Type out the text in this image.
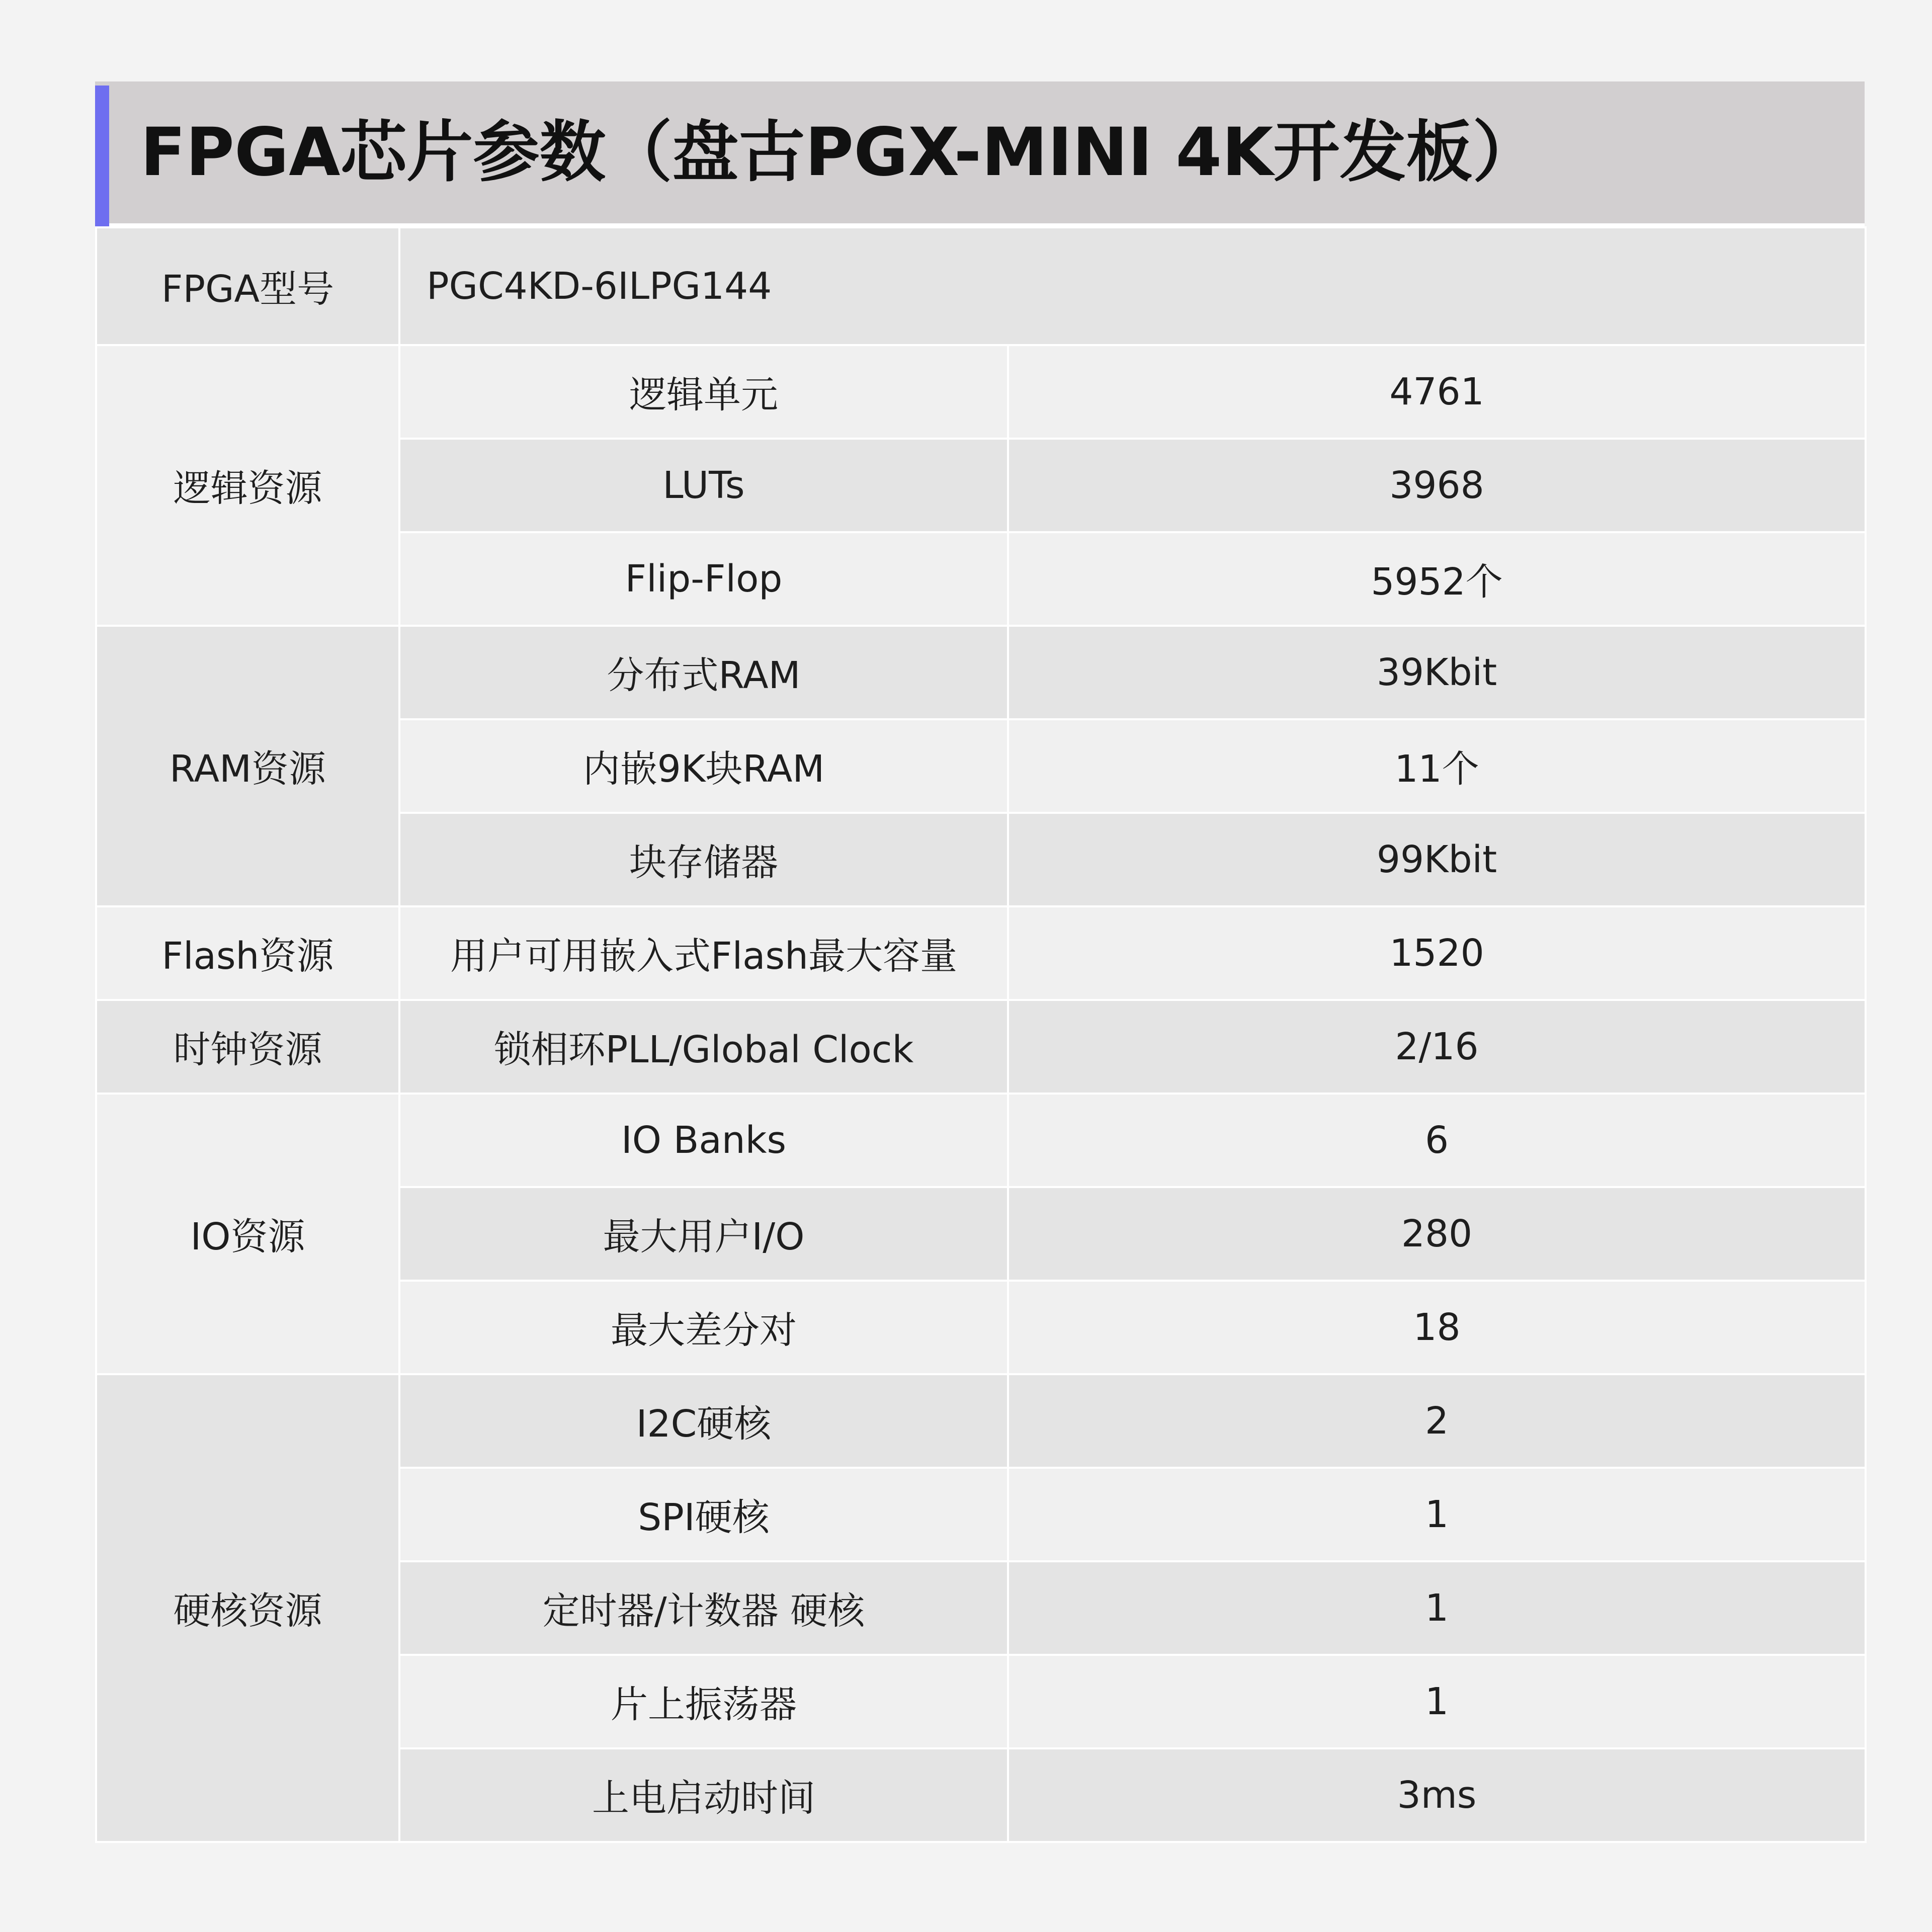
FPGA芯片参数（盘古PGX-MINI 4K开发板）
FPGA型号	PGC4KD-6ILPG144	
逻辑资源	逻辑单元	4761
	LUTs	3968
	Flip-Flop	5952个
RAM资源	分布式RAM	39Kbit
	内嵌9K块RAM	11个
	块存储器	99Kbit
Flash资源	用户可用嵌入式Flash最大容量	1520
时钟资源	锁相环PLL/Global Clock	2/16
IO资源	IO Banks	6
	最大用户I/O	280
	最大差分对	18
硬核资源	I2C硬核	2
	SPI硬核	1
	定时器/计数器 硬核	1
	片上振荡器	1
	上电启动时间	3ms
